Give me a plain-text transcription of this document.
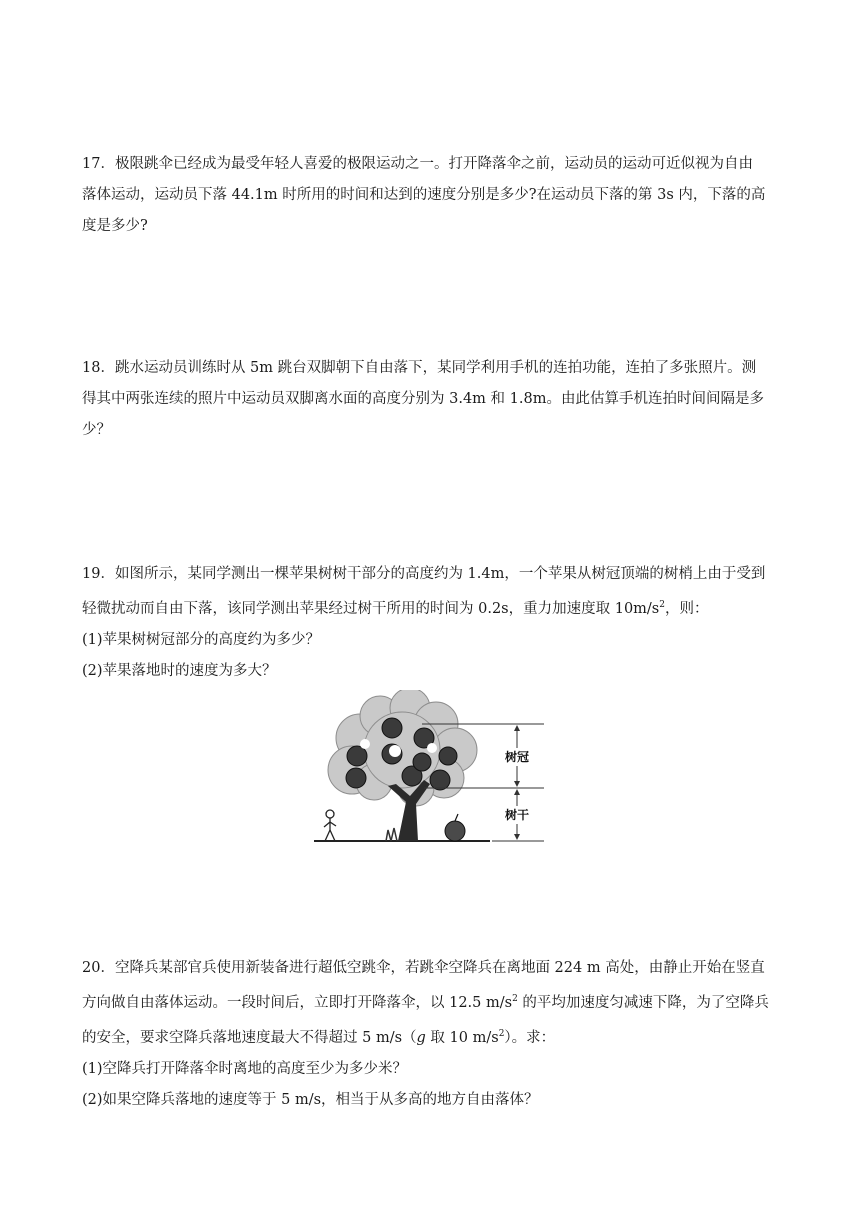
17．极限跳伞已经成为最受年轻人喜爱的极限运动之一。打开降落伞之前，运动员的运动可近似视为自由
落体运动，运动员下落 44.1m 时所用的时间和达到的速度分别是多少?在运动员下落的第 3s 内，下落的高
度是多少?
18．跳水运动员训练时从 5m 跳台双脚朝下自由落下，某同学利用手机的连拍功能，连拍了多张照片。测
得其中两张连续的照片中运动员双脚离水面的高度分别为 3.4m 和 1.8m。由此估算手机连拍时间间隔是多
少？
19．如图所示，某同学测出一棵苹果树树干部分的高度约为 1.4m，一个苹果从树冠顶端的树梢上由于受到
轻微扰动而自由下落，该同学测出苹果经过树干所用的时间为 0.2s，重力加速度取 $10m/s^2$，则：
(1)苹果树树冠部分的高度约为多少？
(2)苹果落地时的速度为多大？
树冠
树干
20．空降兵某部官兵使用新装备进行超低空跳伞，若跳伞空降兵在离地面 224 m 高处，由静止开始在竖直
方向做自由落体运动。一段时间后，立即打开降落伞，以 12.5 $m/s^2$ 的平均加速度匀减速下降，为了空降兵
的安全，要求空降兵落地速度最大不得超过 5 m/s（g 取 10 $m/s^2$）。求：
(1)空降兵打开降落伞时离地的高度至少为多少米？
(2)如果空降兵落地的速度等于 5 m/s，相当于从多高的地方自由落体？
